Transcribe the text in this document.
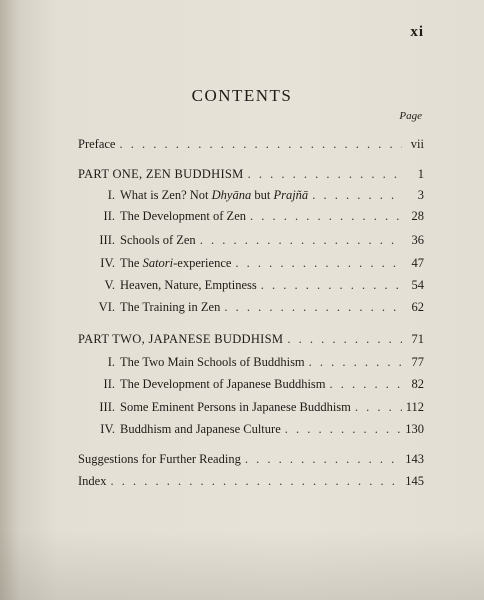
xi
CONTENTS
Page
Preface . . .	vii
PART ONE, ZEN BUDDHISM . . .	1
I. What is Zen? Not Dhyāna but Prajñā . . .	3
II. The Development of Zen . . .	28
III. Schools of Zen . . .	36
IV. The Satori-experience . . .	47
V. Heaven, Nature, Emptiness . . .	54
VI. The Training in Zen . . .	62
PART TWO, JAPANESE BUDDHISM . . .	71
I. The Two Main Schools of Buddhism . . .	77
II. The Development of Japanese Buddhism . . .	82
III. Some Eminent Persons in Japanese Buddhism . . .	112
IV. Buddhism and Japanese Culture . . .	130
Suggestions for Further Reading . . .	143
Index . . .	145
